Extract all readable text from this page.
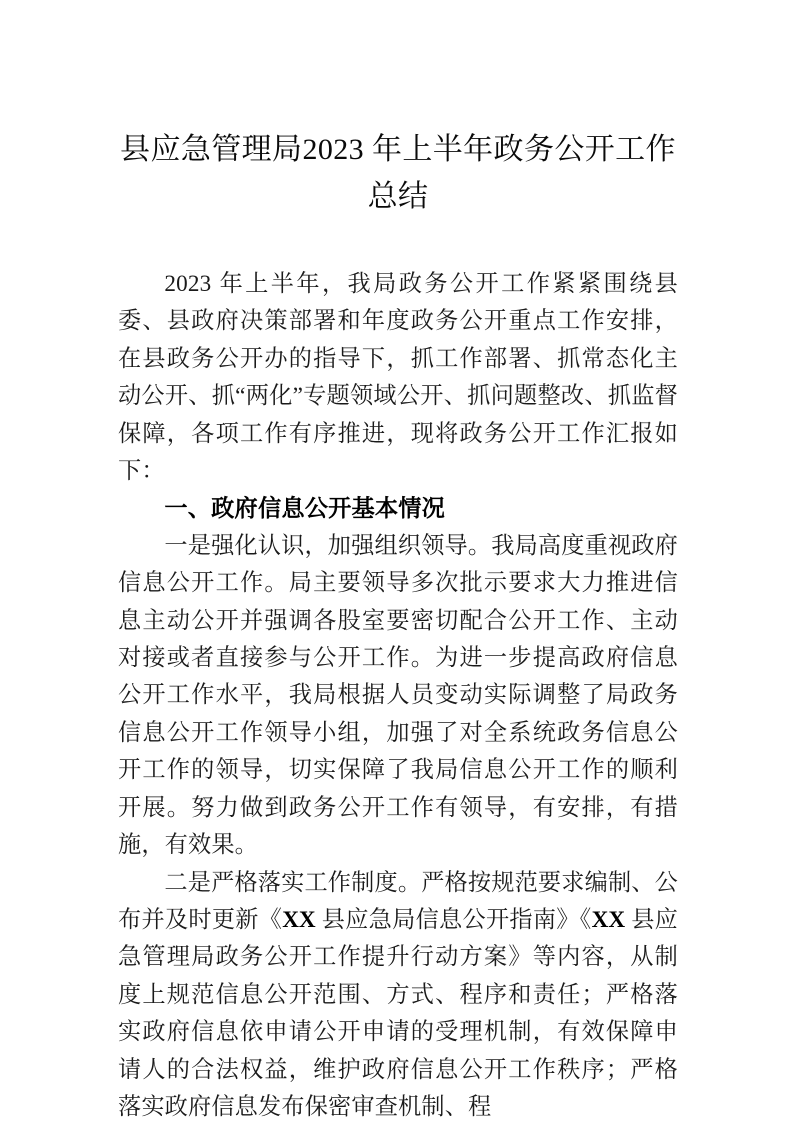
县应急管理局2023 年上半年政务公开工作
总结

2023 年上半年，我局政务公开工作紧紧围绕县委、县政府决策部署和年度政务公开重点工作安排，在县政务公开办的指导下，抓工作部署、抓常态化主动公开、抓“两化”专题领域公开、抓问题整改、抓监督保障，各项工作有序推进，现将政务公开工作汇报如下：

一、政府信息公开基本情况

一是强化认识，加强组织领导。我局高度重视政府信息公开工作。局主要领导多次批示要求大力推进信息主动公开并强调各股室要密切配合公开工作、主动对接或者直接参与公开工作。为进一步提高政府信息公开工作水平，我局根据人员变动实际调整了局政务信息公开工作领导小组，加强了对全系统政务信息公开工作的领导，切实保障了我局信息公开工作的顺利开展。努力做到政务公开工作有领导，有安排，有措施，有效果。

二是严格落实工作制度。严格按规范要求编制、公布并及时更新《XX 县应急局信息公开指南》《XX 县应急管理局政务公开工作提升行动方案》等内容，从制度上规范信息公开范围、方式、程序和责任；严格落实政府信息依申请公开申请的受理机制，有效保障申请人的合法权益，维护政府信息公开工作秩序；严格落实政府信息发布保密审查机制、程
